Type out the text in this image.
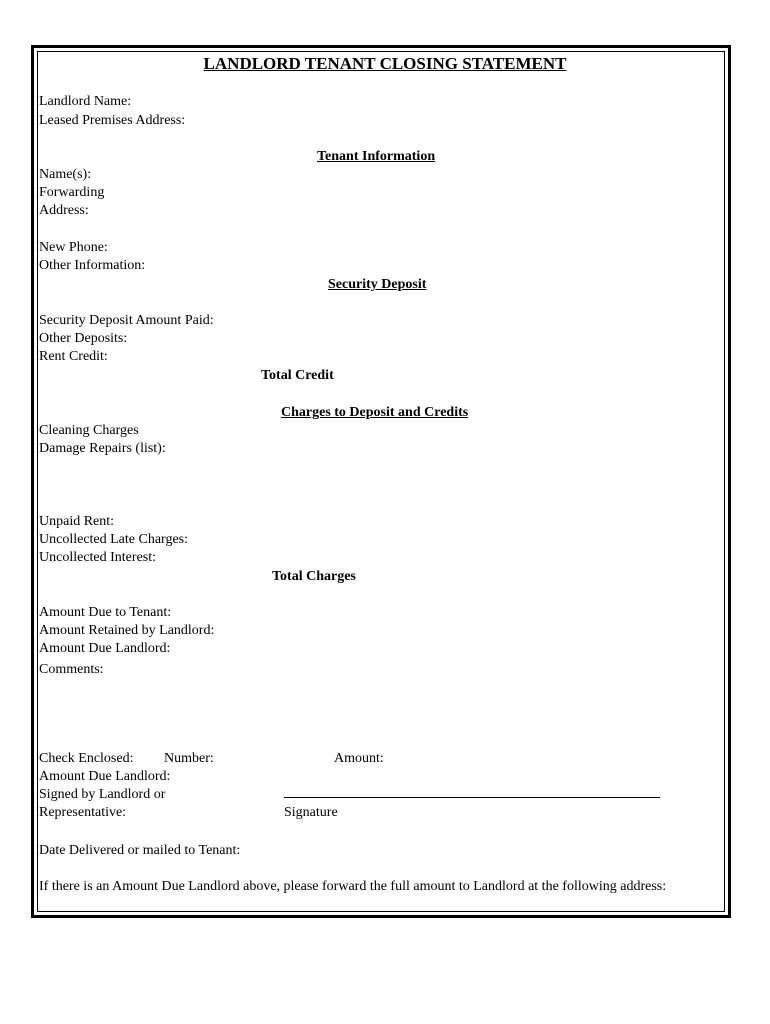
LANDLORD TENANT CLOSING STATEMENT
Landlord Name:
Leased Premises Address:
Tenant Information
Name(s):
Forwarding
Address:
New Phone:
Other Information:
Security Deposit
Security Deposit Amount Paid:
Other Deposits:
Rent Credit:
Total Credit
Charges to Deposit and Credits
Cleaning Charges
Damage Repairs (list):
Unpaid Rent:
Uncollected Late Charges:
Uncollected Interest:
Total Charges
Amount Due to Tenant:
Amount Retained by Landlord:
Amount Due Landlord:
Comments:
Check Enclosed: Number:	Amount:
Amount Due Landlord:
Signed by Landlord or
Representative:	Signature
Date Delivered or mailed to Tenant:
If there is an Amount Due Landlord above, please forward the full amount to Landlord at the following address:
